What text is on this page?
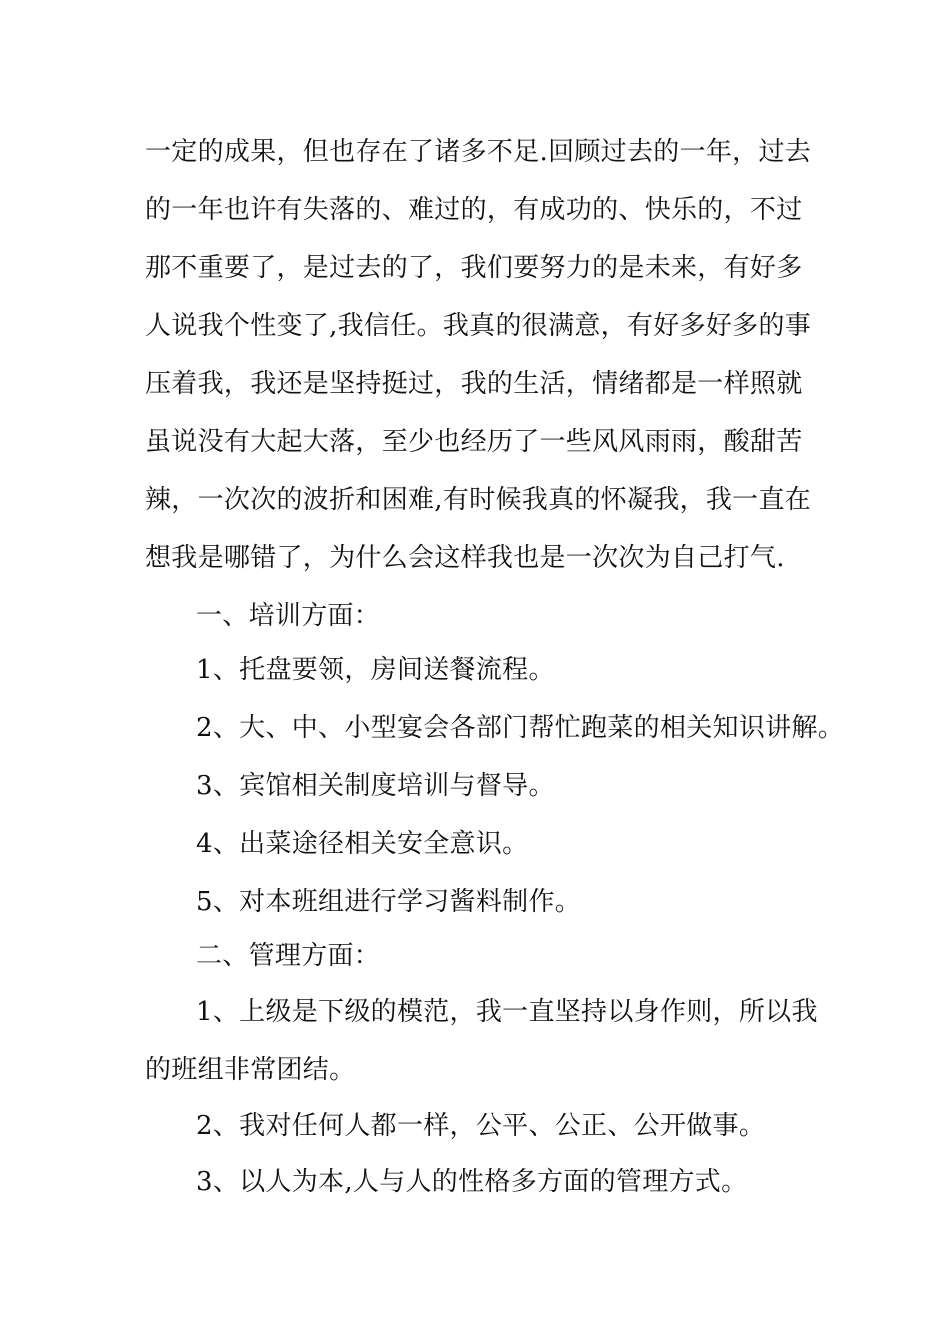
一定的成果，但也存在了诸多不足.回顾过去的一年，过去
的一年也许有失落的、难过的，有成功的、快乐的，不过
那不重要了，是过去的了，我们要努力的是未来，有好多
人说我个性变了,我信任。我真的很满意，有好多好多的事
压着我，我还是坚持挺过，我的生活，情绪都是一样照就
虽说没有大起大落，至少也经历了一些风风雨雨，酸甜苦
辣，一次次的波折和困难,有时候我真的怀凝我，我一直在
想我是哪错了，为什么会这样我也是一次次为自己打气.
一、培训方面：
1、托盘要领，房间送餐流程。
2、大、中、小型宴会各部门帮忙跑菜的相关知识讲解。
3、宾馆相关制度培训与督导。
4、出菜途径相关安全意识。
5、对本班组进行学习酱料制作。
二、管理方面：
1、上级是下级的模范，我一直坚持以身作则，所以我
的班组非常团结。
2、我对任何人都一样，公平、公正、公开做事。
3、以人为本,人与人的性格多方面的管理方式。
